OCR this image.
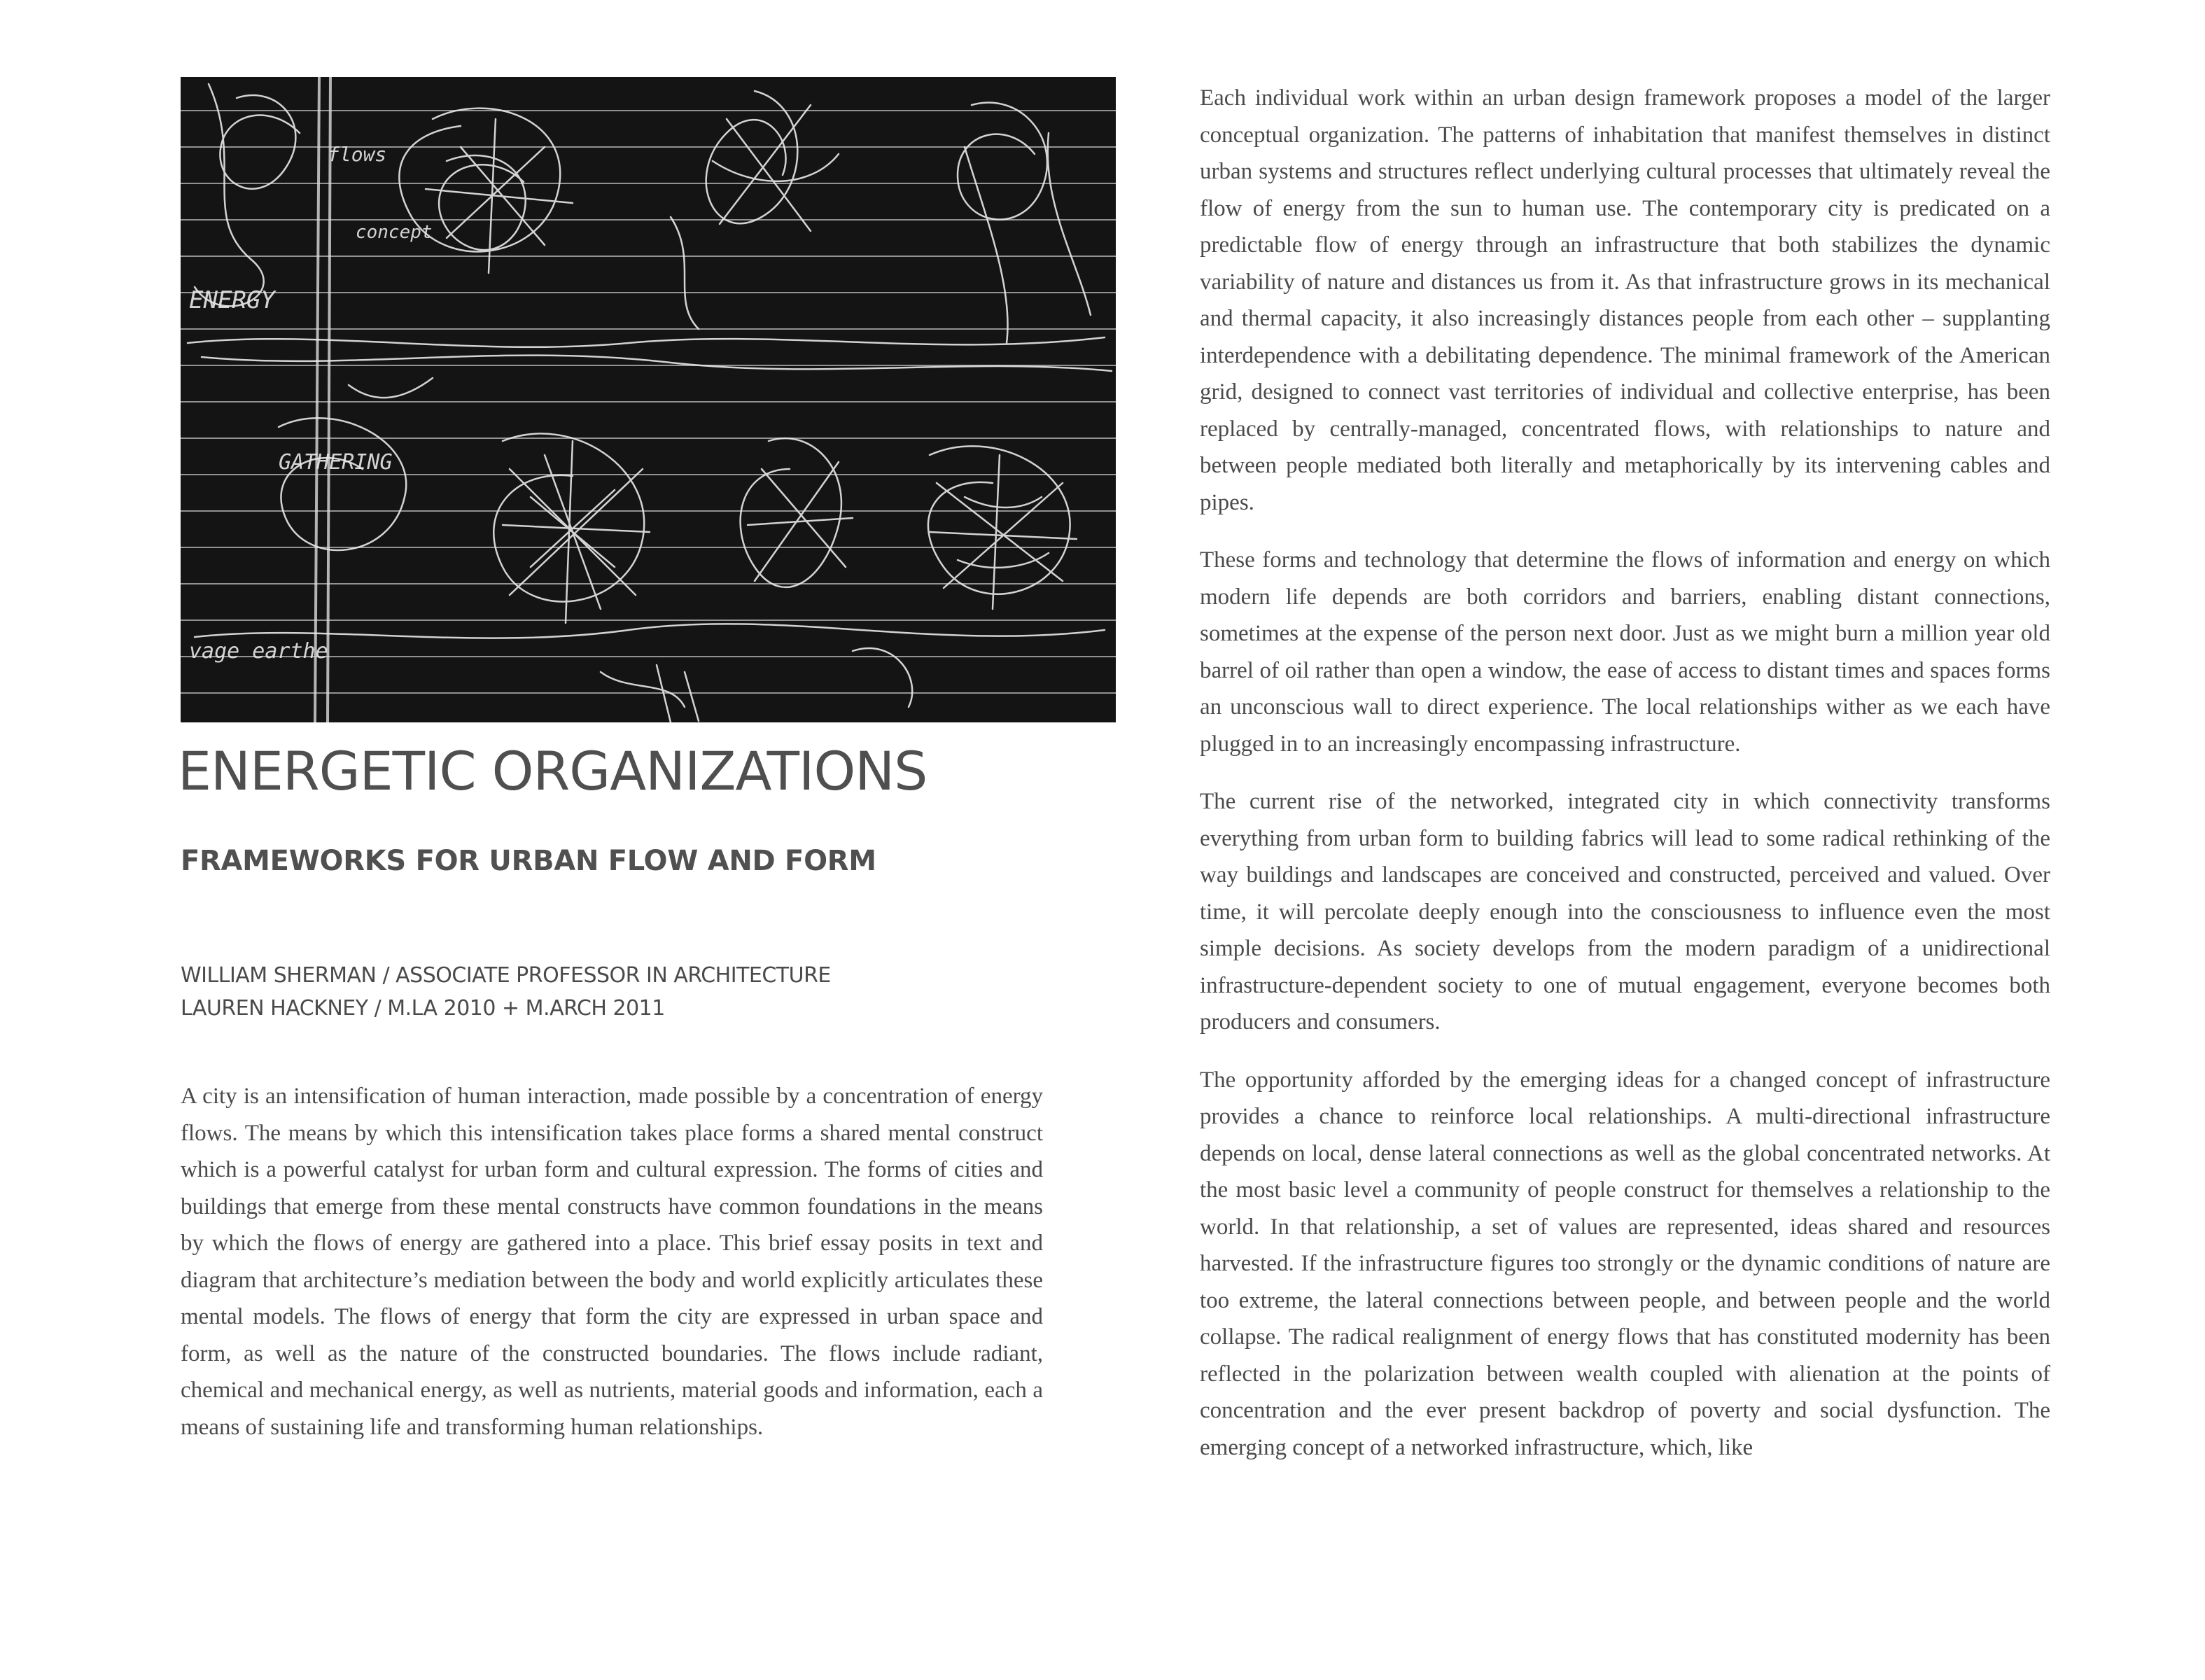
flows
concept
ENERGY
GATHERING
vage earthe
ENERGETIC ORGANIZATIONS
FRAMEWORKS FOR URBAN FLOW AND FORM
WILLIAM SHERMAN / ASSOCIATE PROFESSOR IN ARCHITECTURE
LAUREN HACKNEY / M.LA 2010 + M.ARCH 2011

A city is an intensification of human interaction, made possible by a concentration of energy flows. The means by which this intensification takes place forms a shared mental construct which is a powerful catalyst for urban form and cultural expression. The forms of cities and buildings that emerge from these mental constructs have common foundations in the means by which the flows of energy are gathered into a place. This brief essay posits in text and diagram that architecture’s mediation between the body and world explicitly articulates these mental models. The flows of energy that form the city are expressed in urban space and form, as well as the nature of the constructed boundaries. The flows include radiant, chemical and mechanical energy, as well as nutrients, material goods and information, each a means of sustaining life and transforming human relationships.

Each individual work within an urban design framework proposes a model of the larger conceptual organization. The patterns of inhabitation that manifest themselves in distinct urban systems and structures reflect underlying cultural processes that ultimately reveal the flow of energy from the sun to human use. The contemporary city is predicated on a predictable flow of energy through an infrastructure that both stabilizes the dynamic variability of nature and distances us from it. As that infrastructure grows in its mechanical and thermal capacity, it also increasingly distances people from each other – supplanting interdependence with a debilitating dependence. The minimal framework of the American grid, designed to connect vast territories of individual and collective enterprise, has been replaced by centrally-managed, concentrated flows, with relationships to nature and between people mediated both literally and metaphorically by its intervening cables and pipes.

These forms and technology that determine the flows of information and energy on which modern life depends are both corridors and barriers, enabling distant connections, sometimes at the expense of the person next door. Just as we might burn a million year old barrel of oil rather than open a window, the ease of access to distant times and spaces forms an unconscious wall to direct experience. The local relationships wither as we each have plugged in to an increasingly encompassing infrastructure.

The current rise of the networked, integrated city in which connectivity transforms everything from urban form to building fabrics will lead to some radical rethinking of the way buildings and landscapes are conceived and constructed, perceived and valued. Over time, it will percolate deeply enough into the consciousness to influence even the most simple decisions. As society develops from the modern paradigm of a unidirectional infrastructure-dependent society to one of mutual engagement, everyone becomes both producers and consumers.

The opportunity afforded by the emerging ideas for a changed concept of infrastructure provides a chance to reinforce local relationships. A multi-directional infrastructure depends on local, dense lateral connections as well as the global concentrated networks. At the most basic level a community of people construct for themselves a relationship to the world. In that relationship, a set of values are represented, ideas shared and resources harvested. If the infrastructure figures too strongly or the dynamic conditions of nature are too extreme, the lateral connections between people, and between people and the world collapse. The radical realignment of energy flows that has constituted modernity has been reflected in the polarization between wealth coupled with alienation at the points of concentration and the ever present backdrop of poverty and social dysfunction. The emerging concept of a networked infrastructure, which, like
